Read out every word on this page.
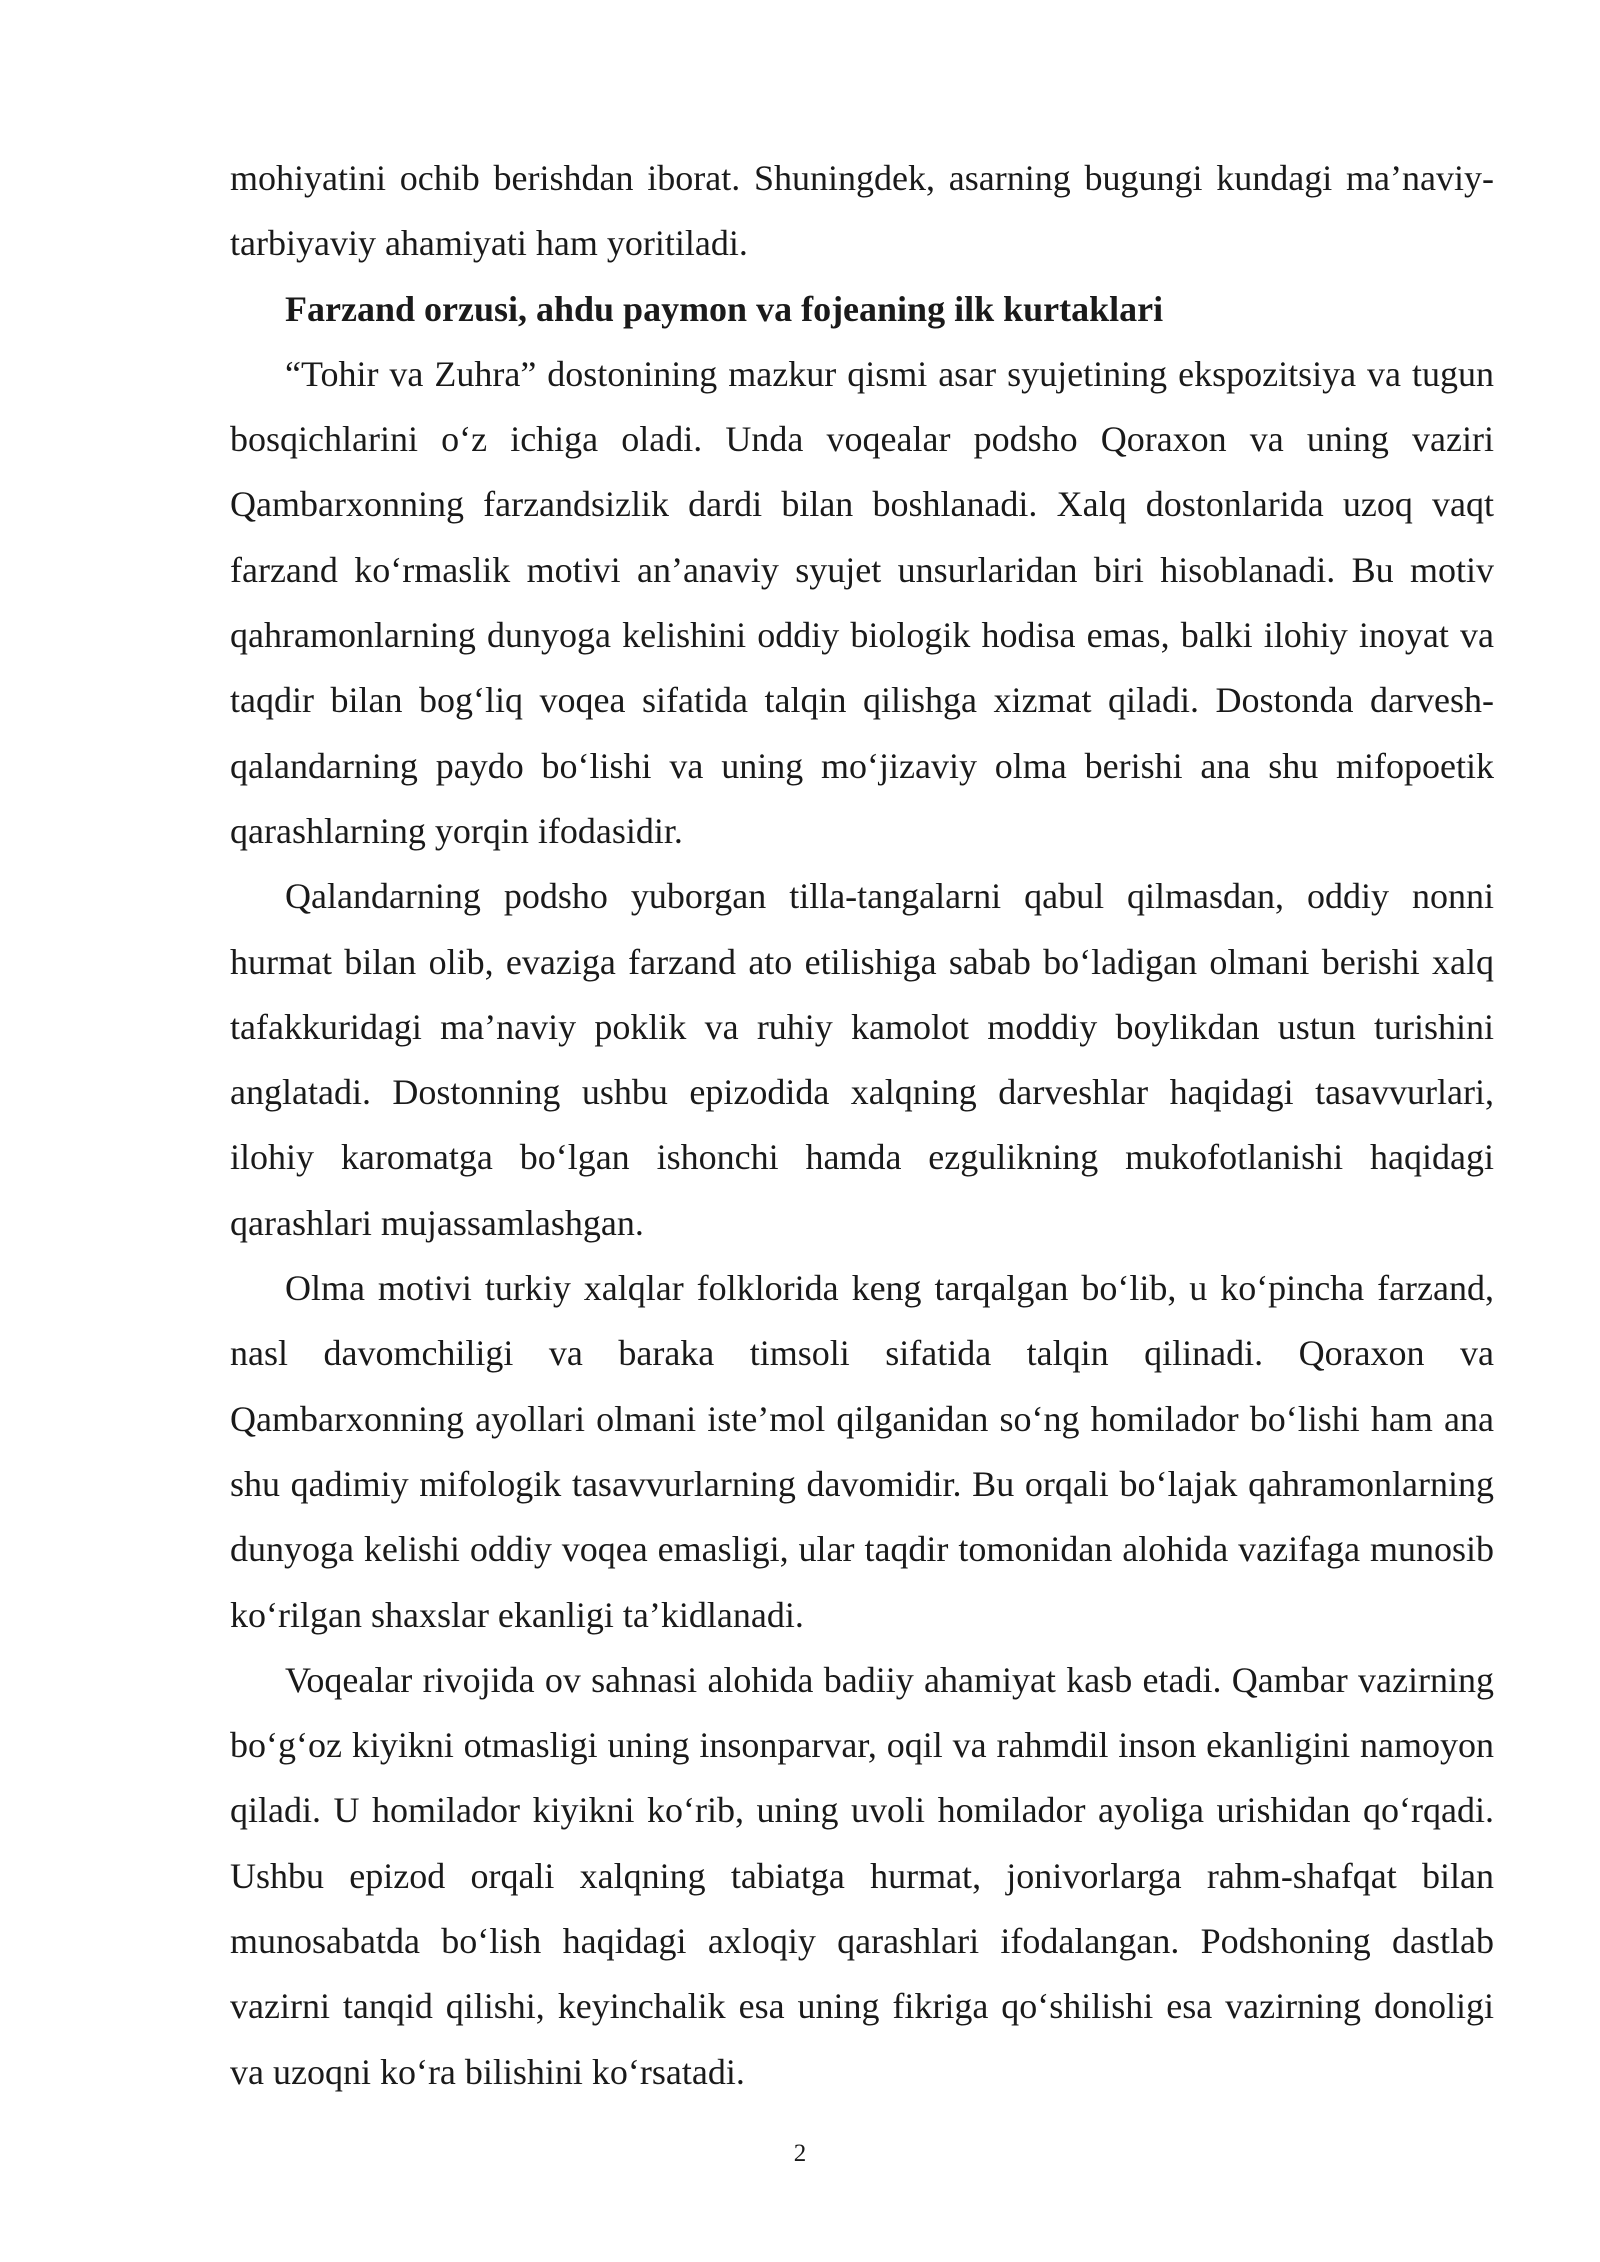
mohiyatini ochib berishdan iborat. Shuningdek, asarning bugungi kundagi ma’naviy-tarbiyaviy ahamiyati ham yoritiladi.

Farzand orzusi, ahdu paymon va fojeaning ilk kurtaklari

“Tohir va Zuhra” dostonining mazkur qismi asar syujetining ekspozitsiya va tugun bosqichlarini o‘z ichiga oladi. Unda voqealar podsho Qoraxon va uning vaziri Qambarxonning farzandsizlik dardi bilan boshlanadi. Xalq dostonlarida uzoq vaqt farzand ko‘rmaslik motivi an’anaviy syujet unsurlaridan biri hisoblanadi. Bu motiv qahramonlarning dunyoga kelishini oddiy biologik hodisa emas, balki ilohiy inoyat va taqdir bilan bog‘liq voqea sifatida talqin qilishga xizmat qiladi. Dostonda darvesh-qalandarning paydo bo‘lishi va uning mo‘jizaviy olma berishi ana shu mifopoetik qarashlarning yorqin ifodasidir.

Qalandarning podsho yuborgan tilla-tangalarni qabul qilmasdan, oddiy nonni hurmat bilan olib, evaziga farzand ato etilishiga sabab bo‘ladigan olmani berishi xalq tafakkuridagi ma’naviy poklik va ruhiy kamolot moddiy boylikdan ustun turishini anglatadi. Dostonning ushbu epizodida xalqning darveshlar haqidagi tasavvurlari, ilohiy karomatga bo‘lgan ishonchi hamda ezgulikning mukofotlanishi haqidagi qarashlari mujassamlashgan.

Olma motivi turkiy xalqlar folklorida keng tarqalgan bo‘lib, u ko‘pincha farzand, nasl davomchiligi va baraka timsoli sifatida talqin qilinadi. Qoraxon va Qambarxonning ayollari olmani iste’mol qilganidan so‘ng homilador bo‘lishi ham ana shu qadimiy mifologik tasavvurlarning davomidir. Bu orqali bo‘lajak qahramonlarning dunyoga kelishi oddiy voqea emasligi, ular taqdir tomonidan alohida vazifaga munosib ko‘rilgan shaxslar ekanligi ta’kidlanadi.

Voqealar rivojida ov sahnasi alohida badiiy ahamiyat kasb etadi. Qambar vazirning bo‘g‘oz kiyikni otmasligi uning insonparvar, oqil va rahmdil inson ekanligini namoyon qiladi. U homilador kiyikni ko‘rib, uning uvoli homilador ayoliga urishidan qo‘rqadi. Ushbu epizod orqali xalqning tabiatga hurmat, jonivorlarga rahm-shafqat bilan munosabatda bo‘lish haqidagi axloqiy qarashlari ifodalangan. Podshoning dastlab vazirni tanqid qilishi, keyinchalik esa uning fikriga qo‘shilishi esa vazirning donoligi va uzoqni ko‘ra bilishini ko‘rsatadi.

2
